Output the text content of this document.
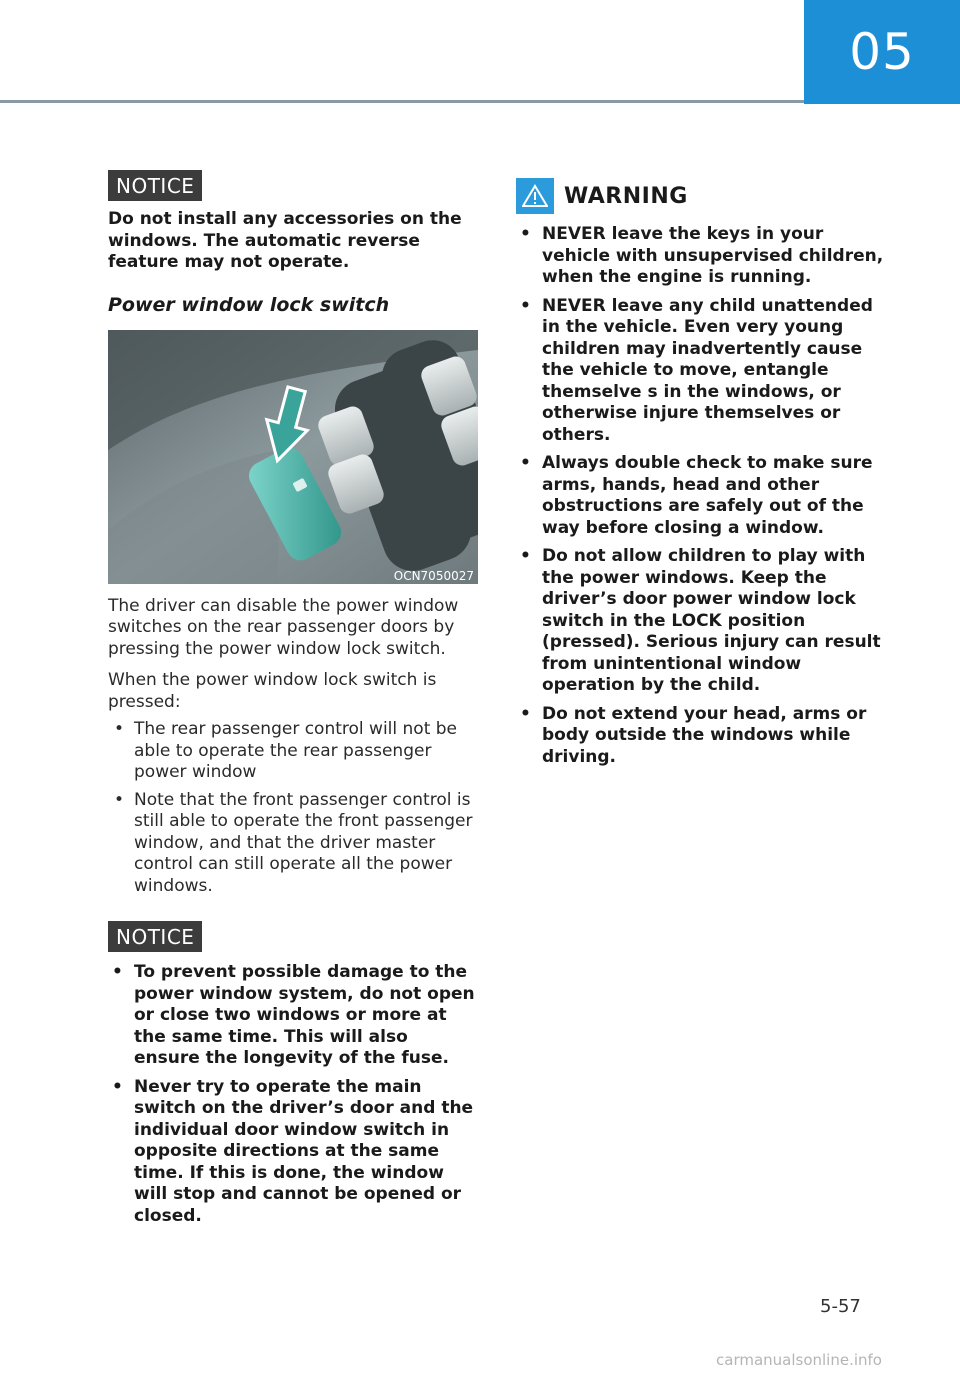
05
NOTICE
Do not install any accessories on the windows. The automatic reverse feature may not operate.
Power window lock switch
OCN7050027
The driver can disable the power window switches on the rear passenger doors by pressing the power window lock switch.
When the power window lock switch is pressed:
• The rear passenger control will not be able to operate the rear passenger power window
• Note that the front passenger control is still able to operate the front passenger window, and that the driver master control can still operate all the power windows.
NOTICE
• To prevent possible damage to the power window system, do not open or close two windows or more at the same time. This will also ensure the longevity of the fuse.
• Never try to operate the main switch on the driver’s door and the individual door window switch in opposite directions at the same time. If this is done, the window will stop and cannot be opened or closed.
WARNING
• NEVER leave the keys in your vehicle with unsupervised children, when the engine is running.
• NEVER leave any child unattended in the vehicle. Even very young children may inadvertently cause the vehicle to move, entangle themselve s in the windows, or otherwise injure themselves or others.
• Always double check to make sure arms, hands, head and other obstructions are safely out of the way before closing a window.
• Do not allow children to play with the power windows. Keep the driver’s door power window lock switch in the LOCK position (pressed). Serious injury can result from unintentional window operation by the child.
• Do not extend your head, arms or body outside the windows while driving.
5-57
carmanualsonline.info
